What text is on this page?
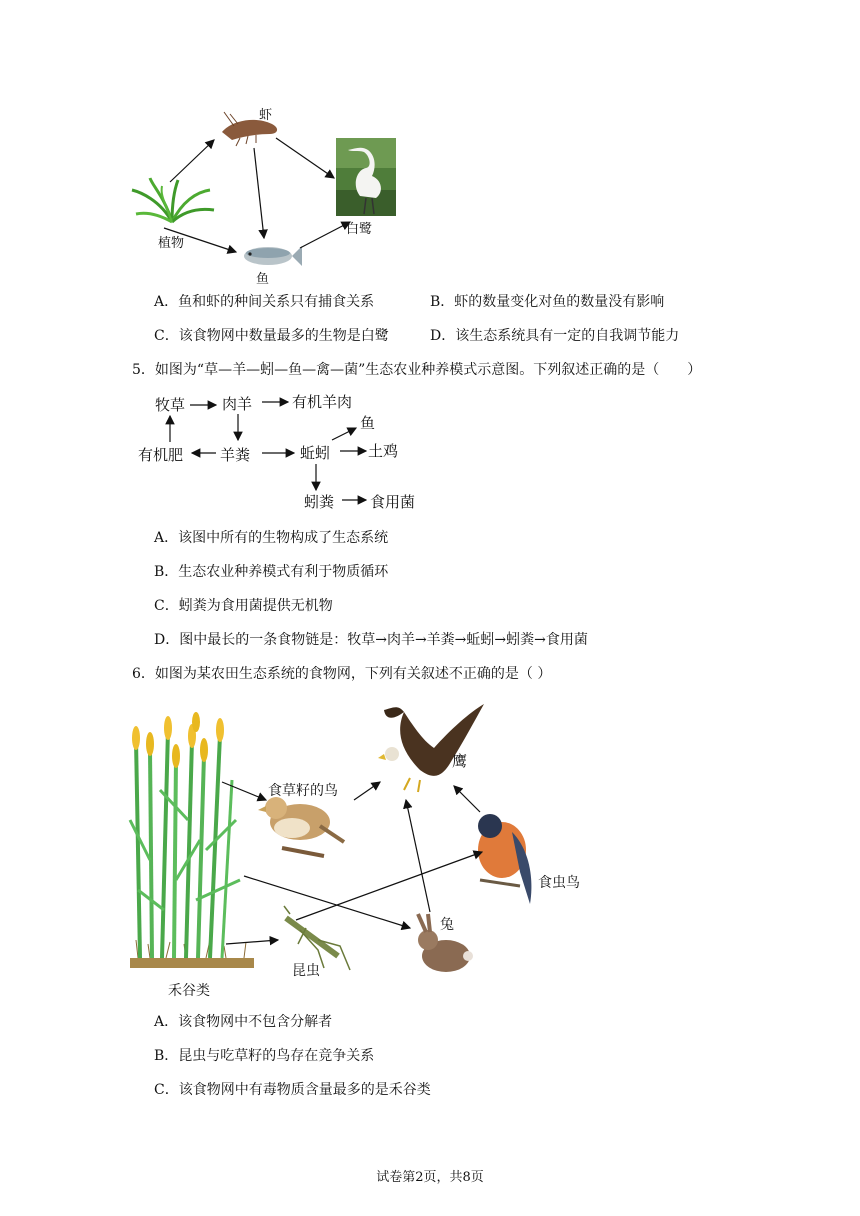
虾
植物
鱼
白鹭
A．鱼和虾的种间关系只有捕食关系	B．虾的数量变化对鱼的数量没有影响
C．该食物网中数量最多的生物是白鹭	D．该生态系统具有一定的自我调节能力
5．如图为“草—羊—蚓—鱼—禽—菌”生态农业种养模式示意图。下列叙述正确的是（　　）
牧草 肉羊	有机羊肉
有机肥 羊粪	蚯蚓
鱼
土鸡
蚓粪 食用菌
A．该图中所有的生物构成了生态系统
B．生态农业种养模式有利于物质循环
C．蚓粪为食用菌提供无机物
D．图中最长的一条食物链是：牧草→肉羊→羊粪→蚯蚓→蚓粪→食用菌
6．如图为某农田生态系统的食物网，下列有关叙述不正确的是（ ）
鹰
食草籽的鸟
食虫鸟
兔
昆虫
禾谷类
A．该食物网中不包含分解者
B．昆虫与吃草籽的鸟存在竞争关系
C．该食物网中有毒物质含量最多的是禾谷类
试卷第2页，共8页
